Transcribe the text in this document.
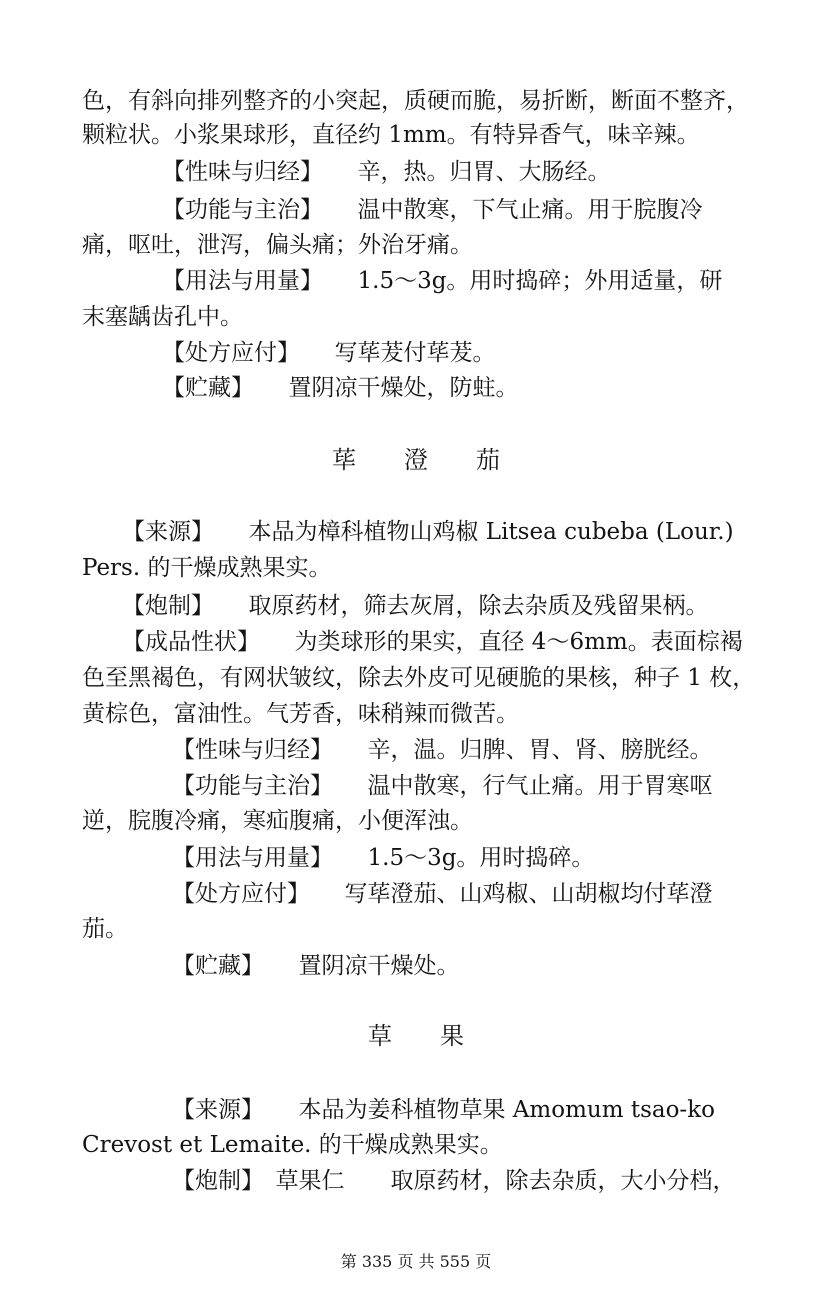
色，有斜向排列整齐的小突起，质硬而脆，易折断，断面不整齐，
颗粒状。小浆果球形，直径约 1mm。有特异香气，味辛辣。
【性味与归经】　　辛，热。归胃、大肠经。
【功能与主治】　　温中散寒，下气止痛。用于脘腹冷
痛，呕吐，泄泻，偏头痛；外治牙痛。
【用法与用量】　　1.5～3g。用时捣碎；外用适量，研
末塞龋齿孔中。
【处方应付】　　写荜茇付荜茇。
【贮藏】　　置阴凉干燥处，防蛀。
荜　　澄　　茄
【来源】　　本品为樟科植物山鸡椒 Litsea cubeba (Lour.)
Pers. 的干燥成熟果实。
【炮制】　　取原药材，筛去灰屑，除去杂质及残留果柄。
【成品性状】　　为类球形的果实，直径 4～6mm。表面棕褐
色至黑褐色，有网状皱纹，除去外皮可见硬脆的果核，种子 1 枚，
黄棕色，富油性。气芳香，味稍辣而微苦。
【性味与归经】　　辛，温。归脾、胃、肾、膀胱经。
【功能与主治】　　温中散寒，行气止痛。用于胃寒呕
逆，脘腹冷痛，寒疝腹痛，小便浑浊。
【用法与用量】　　1.5～3g。用时捣碎。
【处方应付】　　写荜澄茄、山鸡椒、山胡椒均付荜澄
茄。
【贮藏】　　置阴凉干燥处。
草　　果
【来源】　　本品为姜科植物草果 Amomum tsao-ko
Crevost et Lemaite. 的干燥成熟果实。
【炮制】　草果仁　　取原药材，除去杂质，大小分档，
第 335 页 共 555 页
